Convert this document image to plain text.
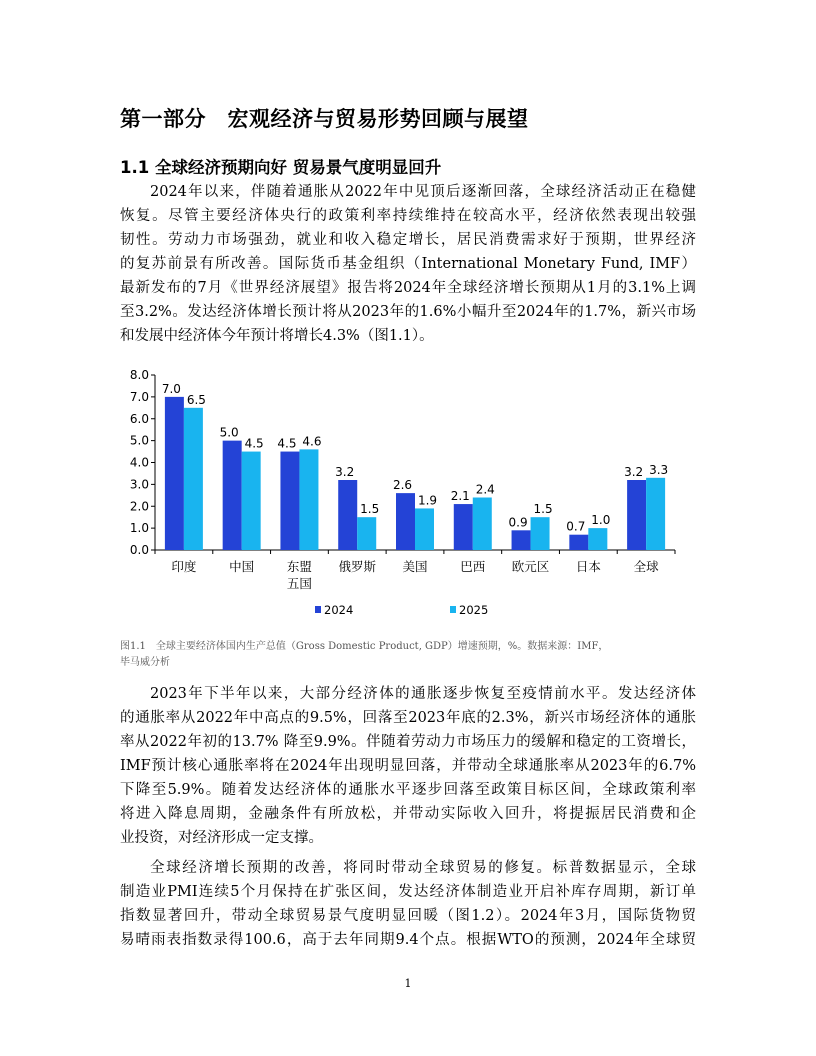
第一部分　宏观经济与贸易形势回顾与展望
1.1 全球经济预期向好 贸易景气度明显回升
2024年以来，伴随着通胀从2022年中见顶后逐渐回落，全球经济活动正在稳健
恢复。尽管主要经济体央行的政策利率持续维持在较高水平，经济依然表现出较强
韧性。劳动力市场强劲，就业和收入稳定增长，居民消费需求好于预期，世界经济
的复苏前景有所改善。国际货币基金组织（International Monetary Fund, IMF）
最新发布的7月《世界经济展望》报告将2024年全球经济增长预期从1月的3.1%上调
至3.2%。发达经济体增长预计将从2023年的1.6%小幅升至2024年的1.7%，新兴市场
和发展中经济体今年预计将增长4.3%（图1.1）。
0.0
1.0
2.0
3.0
4.0
5.0
6.0
7.0
8.0
7.0
6.5
印度
5.0
4.5
中国
4.5 4.6
东盟
五国
3.2
1.5
俄罗斯
2.6
1.9
美国
2.1 2.4
巴西
0.9
1.5
欧元区
0.7 1.0
日本
3.2 3.3
全球
2024	2025
图1.1　全球主要经济体国内生产总值（Gross Domestic Product, GDP）增速预期，%。数据来源：IMF，
毕马威分析
2023年下半年以来，大部分经济体的通胀逐步恢复至疫情前水平。发达经济体
的通胀率从2022年中高点的9.5%，回落至2023年底的2.3%，新兴市场经济体的通胀
率从2022年初的13.7% 降至9.9%。伴随着劳动力市场压力的缓解和稳定的工资增长，
IMF预计核心通胀率将在2024年出现明显回落，并带动全球通胀率从2023年的6.7%
下降至5.9%。随着发达经济体的通胀水平逐步回落至政策目标区间，全球政策利率
将进入降息周期，金融条件有所放松，并带动实际收入回升，将提振居民消费和企
业投资，对经济形成一定支撑。
全球经济增长预期的改善，将同时带动全球贸易的修复。标普数据显示，全球
制造业PMI连续5个月保持在扩张区间，发达经济体制造业开启补库存周期，新订单
指数显著回升，带动全球贸易景气度明显回暖（图1.2）。2024年3月，国际货物贸
易晴雨表指数录得100.6，高于去年同期9.4个点。根据WTO的预测，2024年全球贸
1
